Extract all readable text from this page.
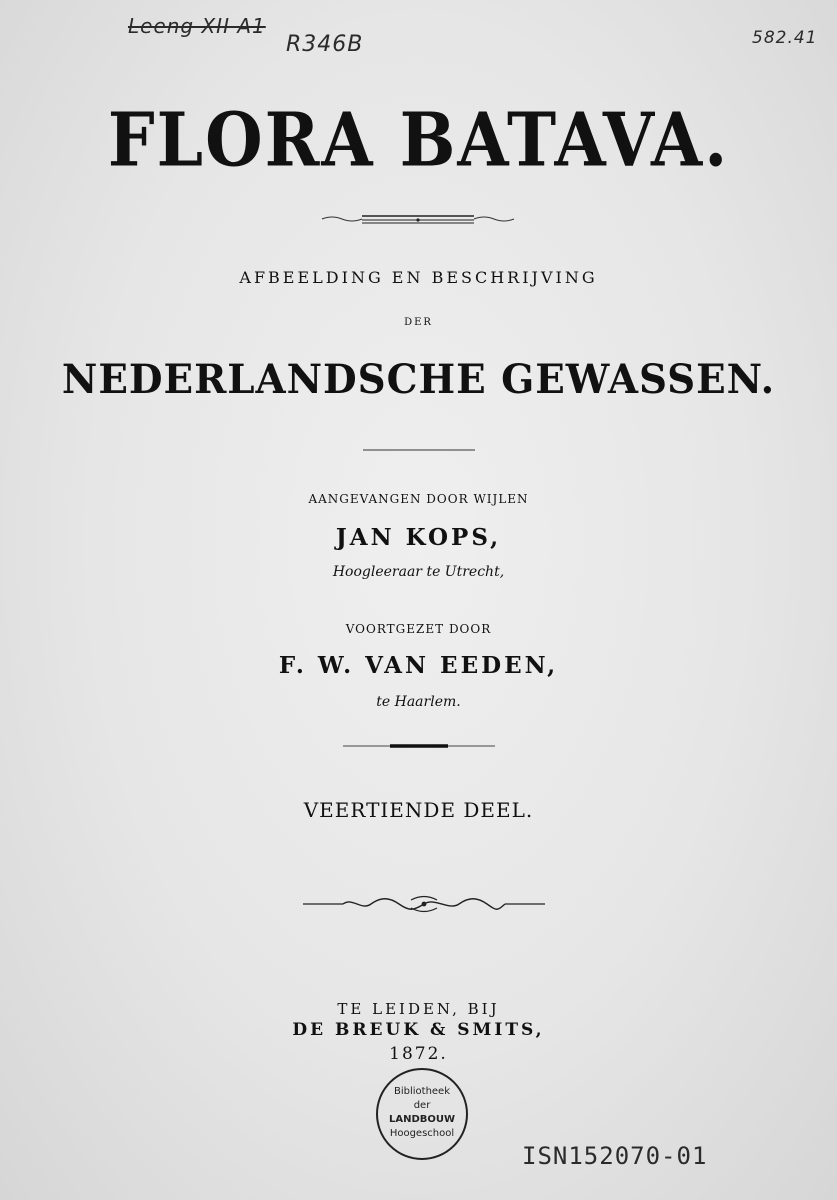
Leeng XII A1
R346B	582.41
FLORA BATAVA.
AFBEELDING EN BESCHRIJVING
DER
NEDERLANDSCHE GEWASSEN.
AANGEVANGEN DOOR WIJLEN
JAN KOPS,
Hoogleeraar te Utrecht,
VOORTGEZET DOOR
F. W. VAN EEDEN,
te Haarlem.
VEERTIENDE DEEL.
TE LEIDEN, BIJ
DE BREUK & SMITS,
1872.
Bibliotheek
der
LANDBOUW
Hoogeschool
ISN152070-01
